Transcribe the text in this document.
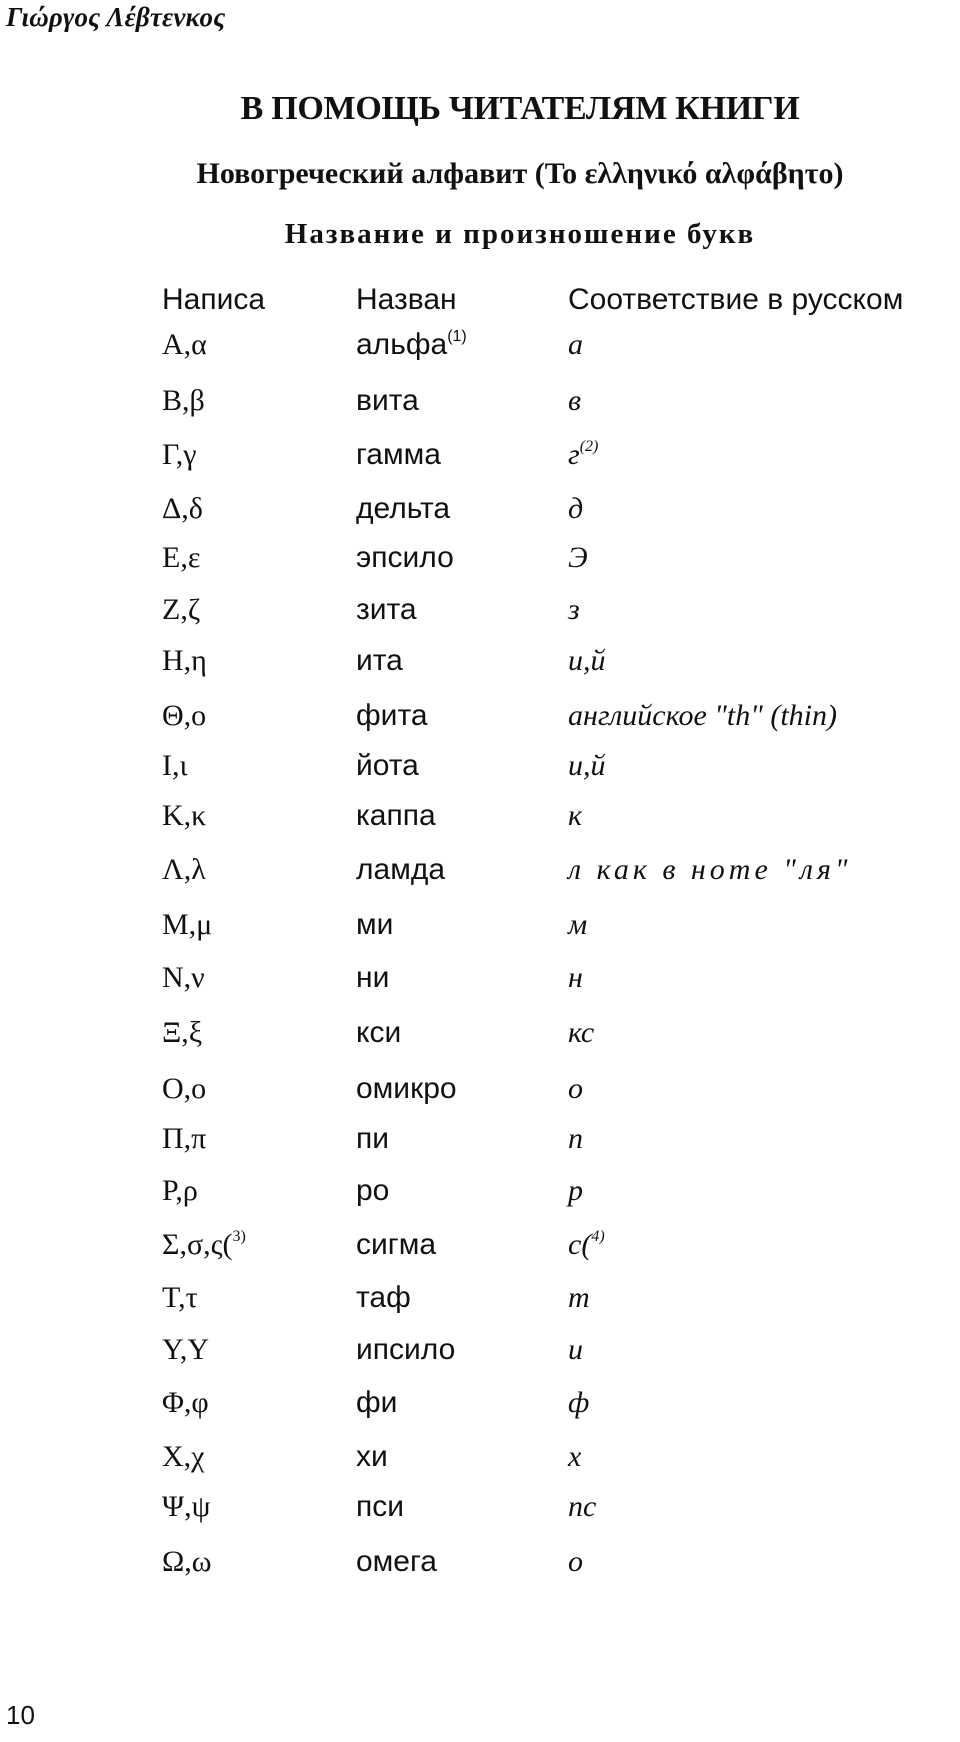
Γιώργος Λέβτενκος
В ПОМОЩЬ ЧИТАТЕЛЯМ КНИГИ
Новогреческий алфавит (Το ελληνικό αλφάβητο)
Название и произношение букв
Написа	Назван	Соответствие в русском
Α,α	альфа$^{(1)}$	а
Β,β	вита	в
Γ,γ	гамма	$г^{(2)}$
Δ,δ	дельта	д
Ε,ε	эпсило	Э
Ζ,ζ	зита	з
Η,η	ита	и,й
Θ,ο	фита	английское "th" (thin)
Ι,ι	йота	и,й
Κ,κ	каппа	к
Λ,λ	ламда	л как в ноте "ля"
Μ,μ	ми	м
Ν,ν	ни	н
Ξ,ξ	кси	кс
Ο,ο	омикро	о
Π,π	пи	п
Ρ,ρ	ро	р
Σ,σ,ς($^{3)}$	сигма	с($^{4)}$
Τ,τ	таф	т
Υ,Υ	ипсило	и
Φ,φ	фи	ф
Χ,χ	хи	х
Ψ,ψ	пси	пс
Ω,ω	омега	о
10
